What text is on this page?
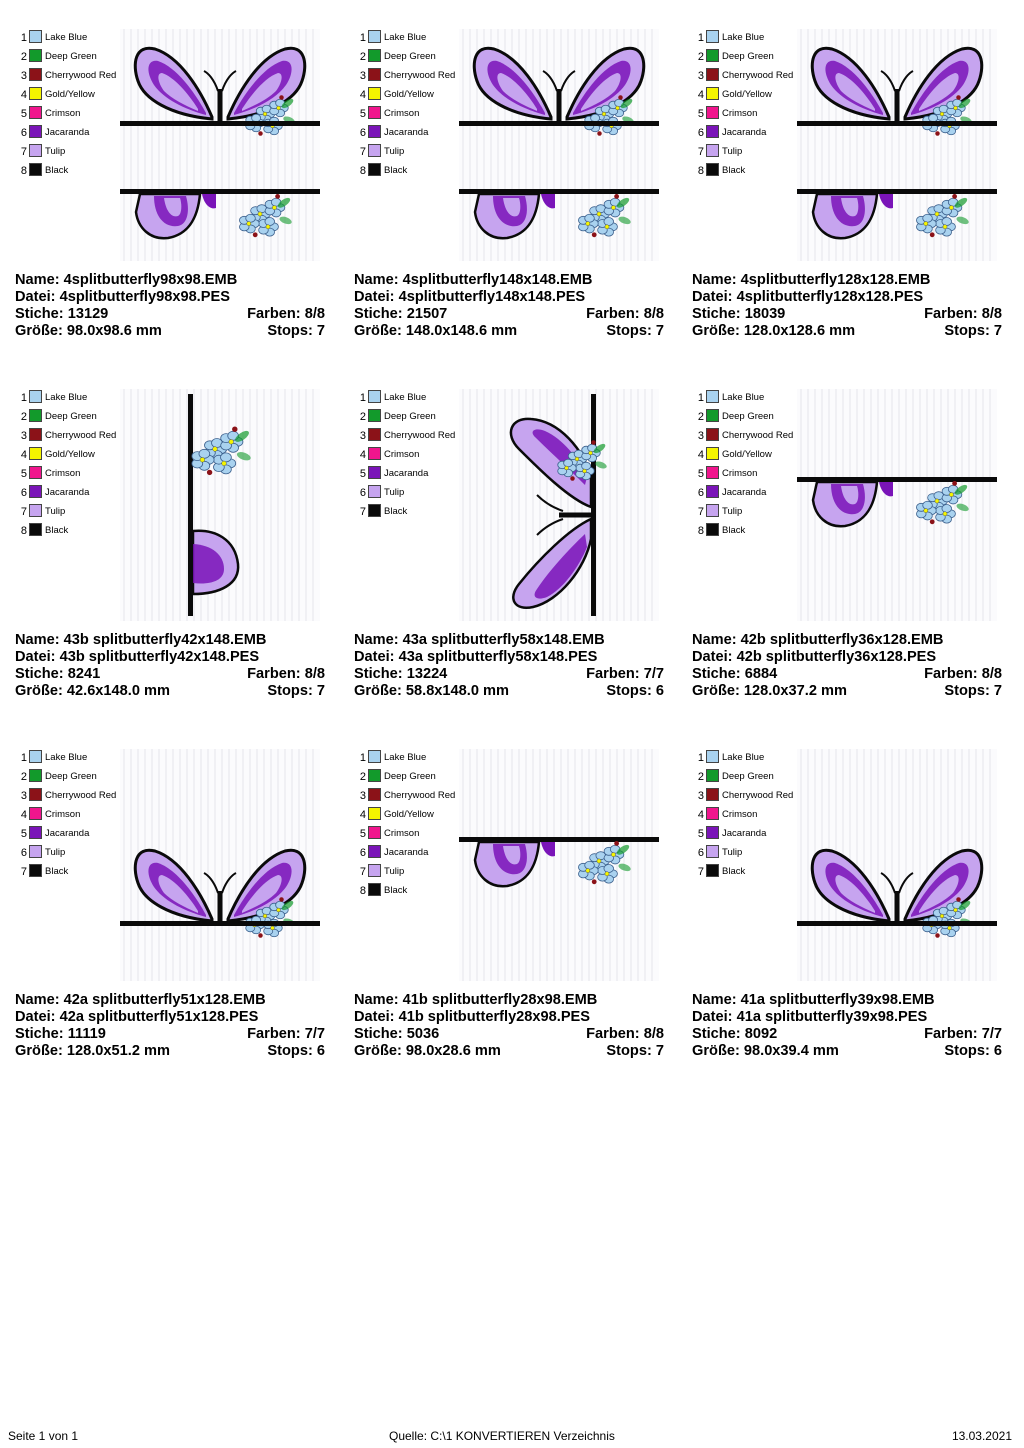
1 Lake Blue
2 Deep Green
3 Cherrywood Red
4 Gold/Yellow
5 Crimson
6 Jacaranda
7 Tulip
8 Black
Name: 4splitbutterfly98x98.EMB
Datei: 4splitbutterfly98x98.PES
Stiche: 13129	Farben: 8/8
Größe: 98.0x98.6 mm	Stops: 7
1 Lake Blue
2 Deep Green
3 Cherrywood Red
4 Gold/Yellow
5 Crimson
6 Jacaranda
7 Tulip
8 Black
Name: 4splitbutterfly148x148.EMB
Datei: 4splitbutterfly148x148.PES
Stiche: 21507	Farben: 8/8
Größe: 148.0x148.6 mm	Stops: 7
1 Lake Blue
2 Deep Green
3 Cherrywood Red
4 Gold/Yellow
5 Crimson
6 Jacaranda
7 Tulip
8 Black
Name: 4splitbutterfly128x128.EMB
Datei: 4splitbutterfly128x128.PES
Stiche: 18039	Farben: 8/8
Größe: 128.0x128.6 mm	Stops: 7
1 Lake Blue
2 Deep Green
3 Cherrywood Red
4 Gold/Yellow
5 Crimson
6 Jacaranda
7 Tulip
8 Black
Name: 43b splitbutterfly42x148.EMB
Datei: 43b splitbutterfly42x148.PES
Stiche: 8241	Farben: 8/8
Größe: 42.6x148.0 mm	Stops: 7
1 Lake Blue
2 Deep Green
3 Cherrywood Red
4 Crimson
5 Jacaranda
6 Tulip
7 Black
Name: 43a splitbutterfly58x148.EMB
Datei: 43a splitbutterfly58x148.PES
Stiche: 13224	Farben: 7/7
Größe: 58.8x148.0 mm	Stops: 6
1 Lake Blue
2 Deep Green
3 Cherrywood Red
4 Gold/Yellow
5 Crimson
6 Jacaranda
7 Tulip
8 Black
Name: 42b splitbutterfly36x128.EMB
Datei: 42b splitbutterfly36x128.PES
Stiche: 6884	Farben: 8/8
Größe: 128.0x37.2 mm	Stops: 7
1 Lake Blue
2 Deep Green
3 Cherrywood Red
4 Crimson
5 Jacaranda
6 Tulip
7 Black
Name: 42a splitbutterfly51x128.EMB
Datei: 42a splitbutterfly51x128.PES
Stiche: 11119	Farben: 7/7
Größe: 128.0x51.2 mm	Stops: 6
1 Lake Blue
2 Deep Green
3 Cherrywood Red
4 Gold/Yellow
5 Crimson
6 Jacaranda
7 Tulip
8 Black
Name: 41b splitbutterfly28x98.EMB
Datei: 41b splitbutterfly28x98.PES
Stiche: 5036	Farben: 8/8
Größe: 98.0x28.6 mm	Stops: 7
1 Lake Blue
2 Deep Green
3 Cherrywood Red
4 Crimson
5 Jacaranda
6 Tulip
7 Black
Name: 41a splitbutterfly39x98.EMB
Datei: 41a splitbutterfly39x98.PES
Stiche: 8092	Farben: 7/7
Größe: 98.0x39.4 mm	Stops: 6
Seite 1 von 1	Quelle: C:\1 KONVERTIEREN Verzeichnis	13.03.2021
